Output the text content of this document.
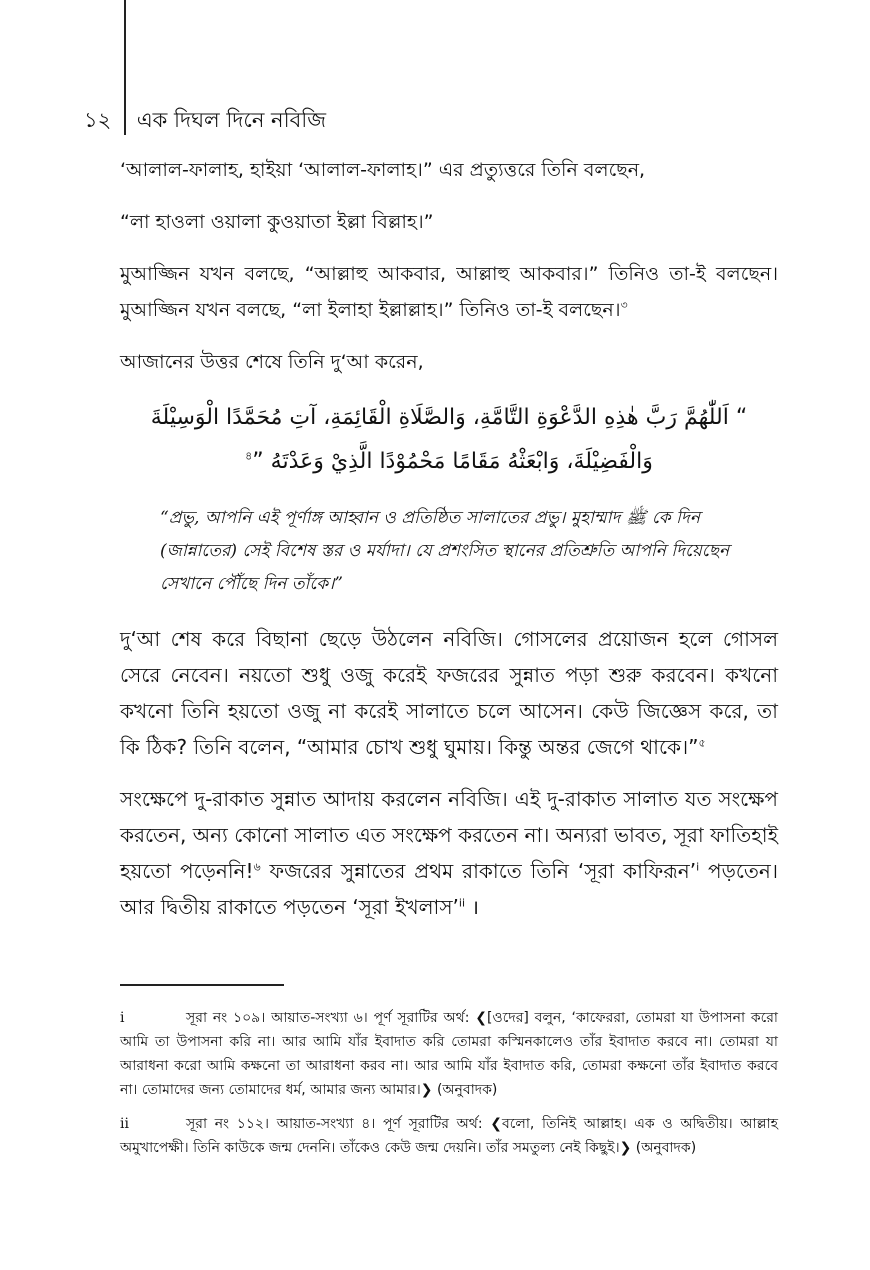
১২ এক দিঘল দিনে নবিজি

‘আলাল-ফালাহ, হাইয়া ‘আলাল-ফালাহ।” এর প্রত্যুত্তরে তিনি বলছেন,

“লা হাওলা ওয়ালা কুওয়াতা ইল্লা বিল্লাহ।”

মুআজ্জিন যখন বলছে, “আল্লাহু আকবার, আল্লাহু আকবার।” তিনিও তা-ই বলছেন। মুআজ্জিন যখন বলছে, “লা ইলাহা ইল্লাল্লাহ।” তিনিও তা-ই বলছেন।$^৩$

আজানের উত্তর শেষে তিনি দু‘আ করেন,

“ اَللّٰهُمَّ رَبَّ هٰذِهِ الدَّعْوَةِ التَّامَّةِ، وَالصَّلَاةِ الْقَائِمَةِ، آتِ مُحَمَّدًا الْوَسِيْلَةَ
وَالْفَضِيْلَةَ، وَابْعَثْهُ مَقَامًا مَحْمُوْدًا الَّذِيْ وَعَدْتَهُ ”$^৪$

“প্রভু, আপনি এই পূর্ণাঙ্গ আহ্বান ও প্রতিষ্ঠিত সালাতের প্রভু। মুহাম্মাদ ﷺ কে দিন (জান্নাতের) সেই বিশেষ স্তর ও মর্যাদা। যে প্রশংসিত স্থানের প্রতিশ্রুতি আপনি দিয়েছেন সেখানে পৌঁছে দিন তাঁকে।”

দু‘আ শেষ করে বিছানা ছেড়ে উঠলেন নবিজি। গোসলের প্রয়োজন হলে গোসল সেরে নেবেন। নয়তো শুধু ওজু করেই ফজরের সুন্নাত পড়া শুরু করবেন। কখনো কখনো তিনি হয়তো ওজু না করেই সালাতে চলে আসেন। কেউ জিজ্ঞেস করে, তা কি ঠিক? তিনি বলেন, “আমার চোখ শুধু ঘুমায়। কিন্তু অন্তর জেগে থাকে।”$^৫$

সংক্ষেপে দু-রাকাত সুন্নাত আদায় করলেন নবিজি। এই দু-রাকাত সালাত যত সংক্ষেপ করতেন, অন্য কোনো সালাত এত সংক্ষেপ করতেন না। অন্যরা ভাবত, সূরা ফাতিহাই হয়তো পড়েননি!$^৬$ ফজরের সুন্নাতের প্রথম রাকাতে তিনি ‘সূরা কাফিরূন’$^i$ পড়তেন। আর দ্বিতীয় রাকাতে পড়তেন ‘সূরা ইখলাস’$^{ii}$ ।

i	সূরা নং ১০৯। আয়াত-সংখ্যা ৬। পূর্ণ সূরাটির অর্থ: ❮[ওদের] বলুন, ‘কাফেররা, তোমরা যা উপাসনা করো আমি তা উপাসনা করি না। আর আমি যাঁর ইবাদাত করি তোমরা কস্মিনকালেও তাঁর ইবাদাত করবে না। তোমরা যা আরাধনা করো আমি কক্ষনো তা আরাধনা করব না। আর আমি যাঁর ইবাদাত করি, তোমরা কক্ষনো তাঁর ইবাদাত করবে না। তোমাদের জন্য তোমাদের ধর্ম, আমার জন্য আমার।❯ (অনুবাদক)
ii	সূরা নং ১১২। আয়াত-সংখ্যা ৪। পূর্ণ সূরাটির অর্থ: ❮বলো, তিনিই আল্লাহ। এক ও অদ্বিতীয়। আল্লাহ অমুখাপেক্ষী। তিনি কাউকে জন্ম দেননি। তাঁকেও কেউ জন্ম দেয়নি। তাঁর সমতুল্য নেই কিছুই।❯ (অনুবাদক)
